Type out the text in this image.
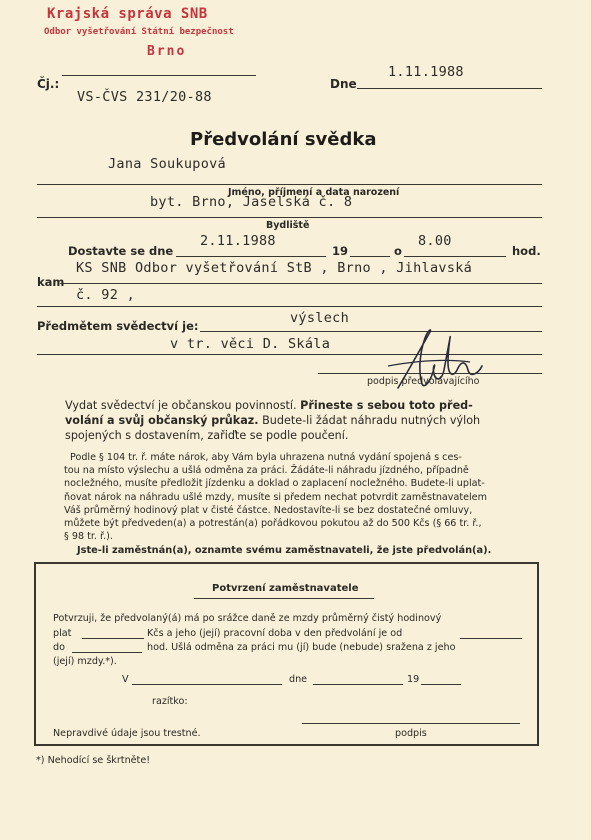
Krajská správa SNB
Odbor vyšetřování Státní bezpečnost
Brno
Čj.:
VS-ČVS 231/20-88
Dne
1.11.1988
Předvolání svědka
Jana Soukupová
Jméno, příjmení a data narození
byt. Brno, Jaselská č. 8
Bydliště
Dostavte se dne
2.11.1988
19	o
8.00
hod.
kam
KS SNB Odbor vyšetřování StB , Brno , Jihlavská
č. 92 ,
Předmětem svědectví je:	výslech
v tr. věci D. Skála
podpis předvolávajícího
Vydat svědectví je občanskou povinností. Přineste s sebou toto před-
volání a svůj občanský průkaz. Budete-li žádat náhradu nutných výloh
spojených s dostavením, zařiďte se podle poučení.
Podle § 104 tr. ř. máte nárok, aby Vám byla uhrazena nutná vydání spojená s ces-
tou na místo výslechu a ušlá odměna za práci. Žádáte-li náhradu jízdného, případně
nocležného, musíte předložit jízdenku a doklad o zaplacení nocležného. Budete-li uplat-
ňovat nárok na náhradu ušlé mzdy, musíte si předem nechat potvrdit zaměstnavatelem
Váš průměrný hodinový plat v čisté částce. Nedostavíte-li se bez dostatečné omluvy,
můžete být předveden(a) a potrestán(a) pořádkovou pokutou až do 500 Kčs (§ 66 tr. ř.,
§ 98 tr. ř.).
Jste-li zaměstnán(a), oznamte svému zaměstnavateli, že jste předvolán(a).
Potvrzení zaměstnavatele
Potvrzuji, že předvolaný(á) má po srážce daně ze mzdy průměrný čistý hodinový
plat	Kčs a jeho (její) pracovní doba v den předvolání je od
do	hod. Ušlá odměna za práci mu (jí) bude (nebude) sražena z jeho
(její) mzdy.*).
V	dne	19
razítko:
Nepravdivé údaje jsou trestné.	podpis
*) Nehodící se škrtněte!
